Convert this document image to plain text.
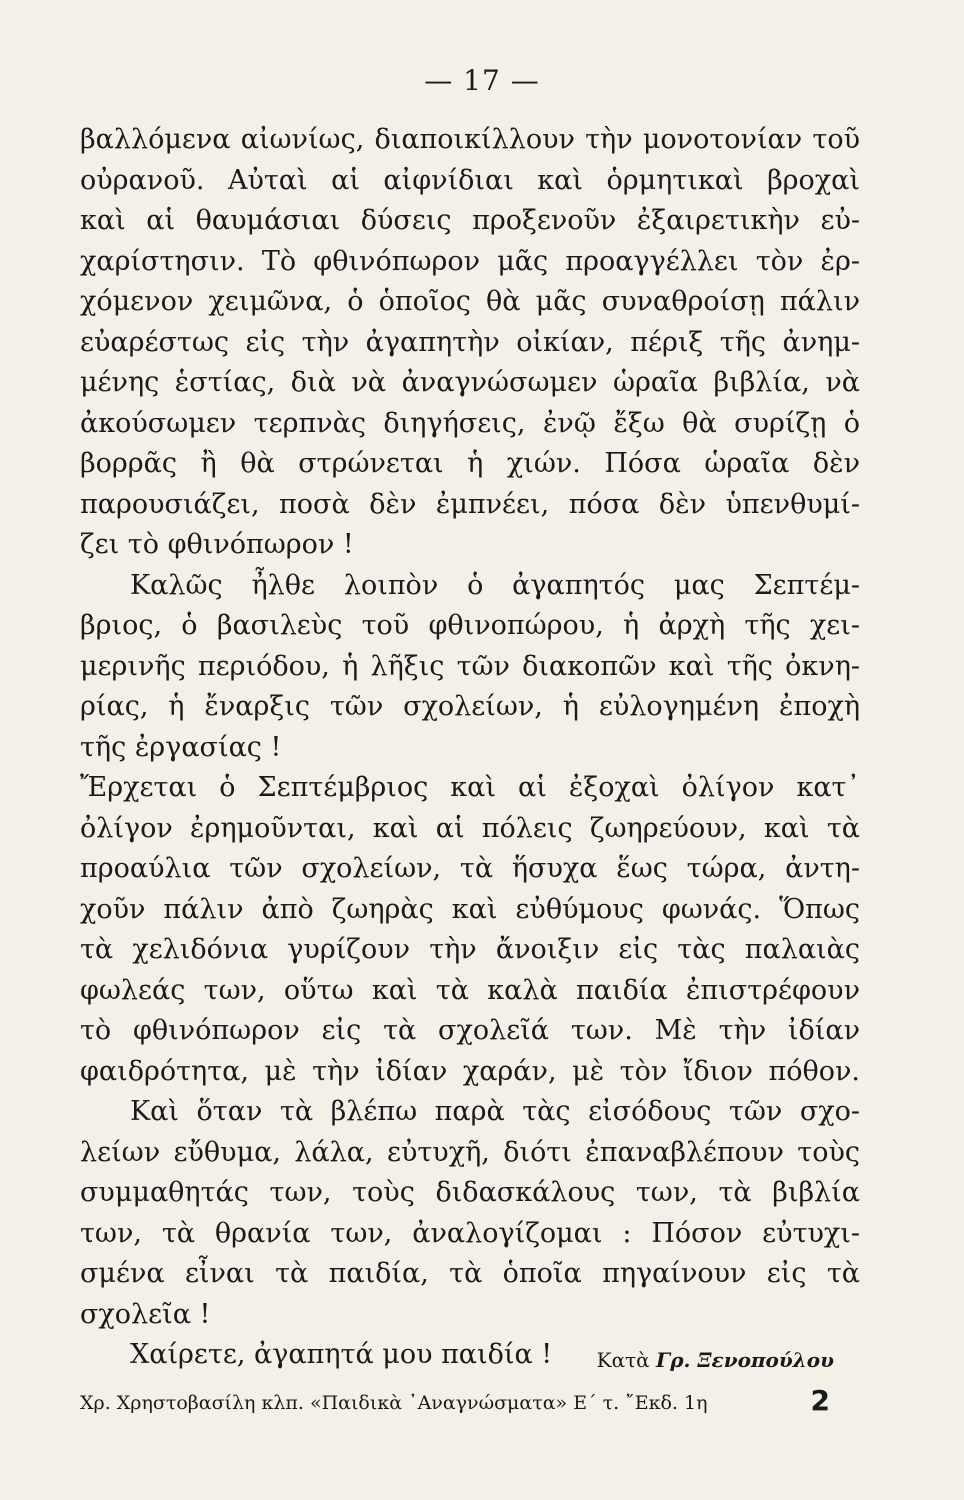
— 17 —
βαλλόμενα αἰωνίως, διαποικίλλουν τὴν μονοτονίαν τοῦ
οὐρανοῦ. Αὐταὶ αἱ αἰφνίδιαι καὶ ὁρμητικαὶ βροχαὶ
καὶ αἱ θαυμάσιαι δύσεις προξενοῦν ἐξαιρετικὴν εὐ-
χαρίστησιν. Τὸ φθινόπωρον μᾶς προαγγέλλει τὸν ἐρ-
χόμενον χειμῶνα, ὁ ὁποῖος θὰ μᾶς συναθροίσῃ πάλιν
εὐαρέστως εἰς τὴν ἀγαπητὴν οἰκίαν, πέριξ τῆς ἀνημ-
μένης ἑστίας, διὰ νὰ ἀναγνώσωμεν ὡραῖα βιβλία, νὰ
ἀκούσωμεν τερπνὰς διηγήσεις, ἐνῷ ἔξω θὰ συρίζῃ ὁ
βορρᾶς ἢ θὰ στρώνεται ἡ χιών. Πόσα ὡραῖα δὲν
παρουσιάζει, ποσὰ δὲν ἐμπνέει, πόσα δὲν ὑπενθυμί-
ζει τὸ φθινόπωρον !
Καλῶς ἦλθε λοιπὸν ὁ ἀγαπητός μας Σεπτέμ-
βριος, ὁ βασιλεὺς τοῦ φθινοπώρου, ἡ ἀρχὴ τῆς χει-
μερινῆς περιόδου, ἡ λῆξις τῶν διακοπῶν καὶ τῆς ὀκνη-
ρίας, ἡ ἔναρξις τῶν σχολείων, ἡ εὐλογημένη ἐποχὴ
τῆς ἐργασίας !
Ἔρχεται ὁ Σεπτέμβριος καὶ αἱ ἐξοχαὶ ὀλίγον κατ᾿
ὀλίγον ἐρημοῦνται, καὶ αἱ πόλεις ζωηρεύουν, καὶ τὰ
προαύλια τῶν σχολείων, τὰ ἥσυχα ἕως τώρα, ἀντη-
χοῦν πάλιν ἀπὸ ζωηρὰς καὶ εὐθύμους φωνάς. Ὅπως
τὰ χελιδόνια γυρίζουν τὴν ἄνοιξιν εἰς τὰς παλαιὰς
φωλεάς των, οὕτω καὶ τὰ καλὰ παιδία ἐπιστρέφουν
τὸ φθινόπωρον εἰς τὰ σχολεῖά των. Μὲ τὴν ἰδίαν
φαιδρότητα, μὲ τὴν ἰδίαν χαράν, μὲ τὸν ἴδιον πόθον.
Καὶ ὅταν τὰ βλέπω παρὰ τὰς εἰσόδους τῶν σχο-
λείων εὔθυμα, λάλα, εὐτυχῆ, διότι ἐπαναβλέπουν τοὺς
συμμαθητάς των, τοὺς διδασκάλους των, τὰ βιβλία
των, τὰ θρανία των, ἀναλογίζομαι : Πόσον εὐτυχι-
σμένα εἶναι τὰ παιδία, τὰ ὁποῖα πηγαίνουν εἰς τὰ
σχολεῖα !
Χαίρετε, ἀγαπητά μου παιδία !	Κατὰ Γρ. Ξενοπούλου
Χρ. Χρηστοβασίλη κλπ. «Παιδικὰ ᾿Αναγνώσματα» Ε΄ τ. ῎Εκδ. 1η	2
